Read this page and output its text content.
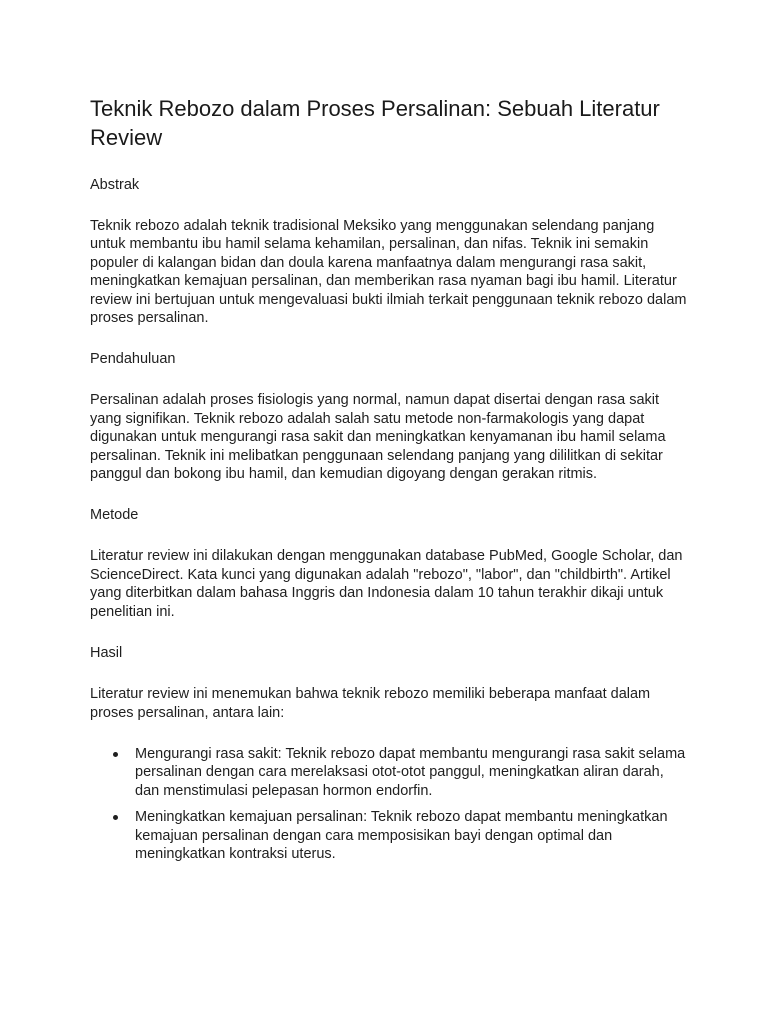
Teknik Rebozo dalam Proses Persalinan: Sebuah Literatur Review
Abstrak

Teknik rebozo adalah teknik tradisional Meksiko yang menggunakan selendang panjang untuk membantu ibu hamil selama kehamilan, persalinan, dan nifas. Teknik ini semakin populer di kalangan bidan dan doula karena manfaatnya dalam mengurangi rasa sakit, meningkatkan kemajuan persalinan, dan memberikan rasa nyaman bagi ibu hamil. Literatur review ini bertujuan untuk mengevaluasi bukti ilmiah terkait penggunaan teknik rebozo dalam proses persalinan.

Pendahuluan

Persalinan adalah proses fisiologis yang normal, namun dapat disertai dengan rasa sakit yang signifikan. Teknik rebozo adalah salah satu metode non-farmakologis yang dapat digunakan untuk mengurangi rasa sakit dan meningkatkan kenyamanan ibu hamil selama persalinan. Teknik ini melibatkan penggunaan selendang panjang yang dililitkan di sekitar panggul dan bokong ibu hamil, dan kemudian digoyang dengan gerakan ritmis.

Metode

Literatur review ini dilakukan dengan menggunakan database PubMed, Google Scholar, dan ScienceDirect. Kata kunci yang digunakan adalah "rebozo", "labor", dan "childbirth". Artikel yang diterbitkan dalam bahasa Inggris dan Indonesia dalam 10 tahun terakhir dikaji untuk penelitian ini.

Hasil

Literatur review ini menemukan bahwa teknik rebozo memiliki beberapa manfaat dalam proses persalinan, antara lain:

Mengurangi rasa sakit: Teknik rebozo dapat membantu mengurangi rasa sakit selama persalinan dengan cara merelaksasi otot-otot panggul, meningkatkan aliran darah, dan menstimulasi pelepasan hormon endorfin.
Meningkatkan kemajuan persalinan: Teknik rebozo dapat membantu meningkatkan kemajuan persalinan dengan cara memposisikan bayi dengan optimal dan meningkatkan kontraksi uterus.
